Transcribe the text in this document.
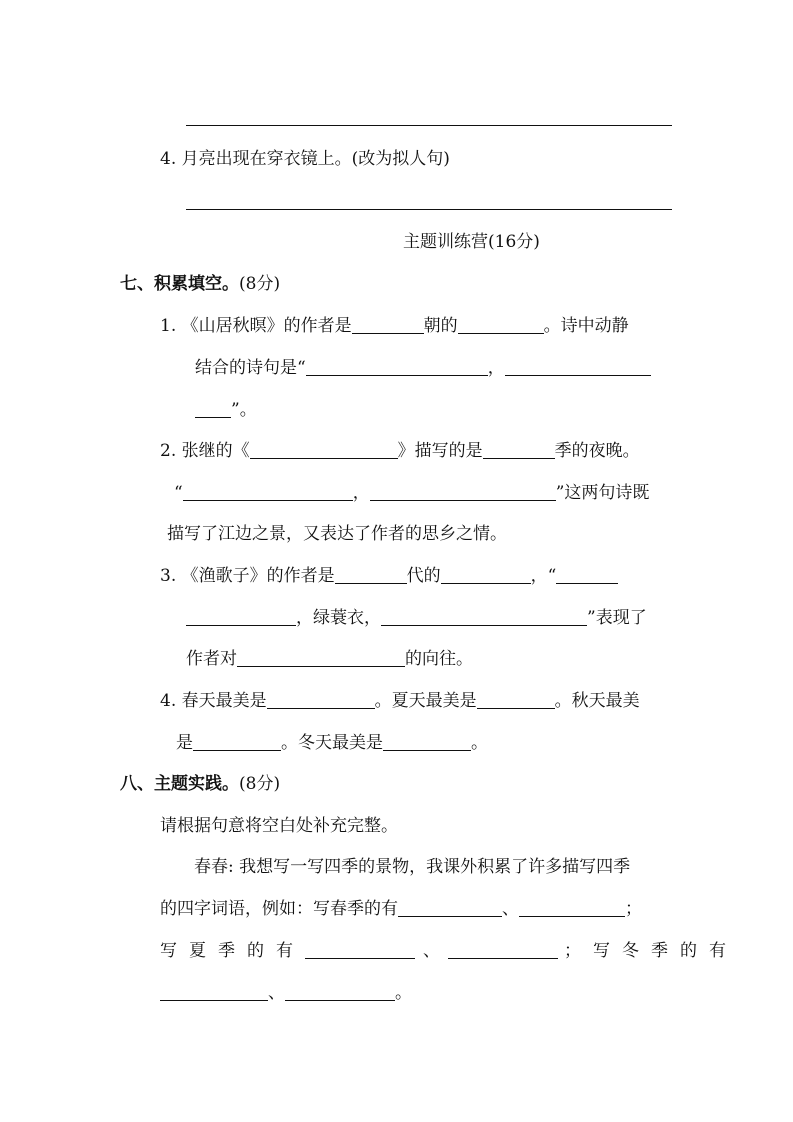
4. 月亮出现在穿衣镜上。(改为拟人句)
主题训练营(16分)
七、积累填空。(8分)
1. 《山居秋暝》的作者是	朝的	。诗中动静
结合的诗句是“	，
”。
2. 张继的《	》描写的是	季的夜晚。
“	，	”这两句诗既
描写了江边之景，又表达了作者的思乡之情。
3. 《渔歌子》的作者是	代的	，“
，绿蓑衣，	”表现了
作者对	的向往。
4. 春天最美是	。夏天最美是	。秋天最美
是	。冬天最美是	。
八、主题实践。(8分)
请根据句意将空白处补充完整。
春春: 我想写一写四季的景物，我课外积累了许多描写四季
的四字词语，例如：写春季的有	、	；
写夏季的有	、	；写冬季的有
、	。
